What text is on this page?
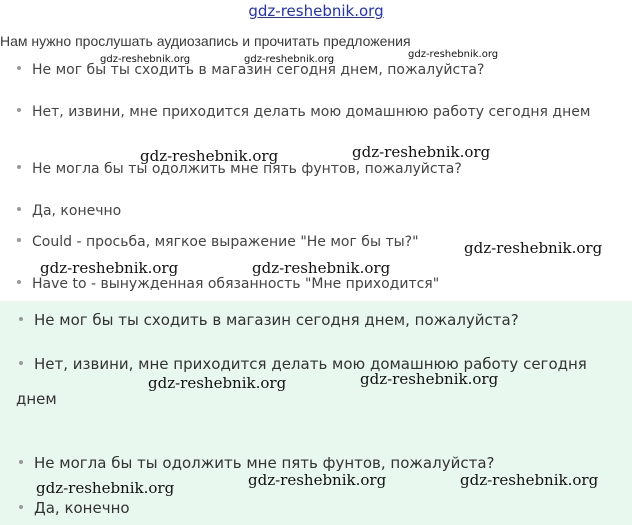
gdz-reshebnik.org
Нам нужно прослушать аудиозапись и прочитать предложения
Не мог бы ты сходить в магазин сегодня днем, пожалуйста?
Нет, извини, мне приходится делать мою домашнюю работу сегодня днем
Не могла бы ты одолжить мне пять фунтов, пожалуйста?
Да, конечно
Could - просьба, мягкое выражение "Не мог бы ты?"
Have to - вынужденная обязанность "Мне приходится"
Не мог бы ты сходить в магазин сегодня днем, пожалуйста?
Нет, извини, мне приходится делать мою домашнюю работу сегодня
днем
Не могла бы ты одолжить мне пять фунтов, пожалуйста?
Да, конечно
gdz-reshebnik.org	gdz-reshebnik.org	gdz-reshebnik.org
gdz-reshebnik.org	gdz-reshebnik.org
gdz-reshebnik.org
gdz-reshebnik.org	gdz-reshebnik.org
gdz-reshebnik.org	gdz-reshebnik.org
gdz-reshebnik.org	gdz-reshebnik.org	gdz-reshebnik.org
